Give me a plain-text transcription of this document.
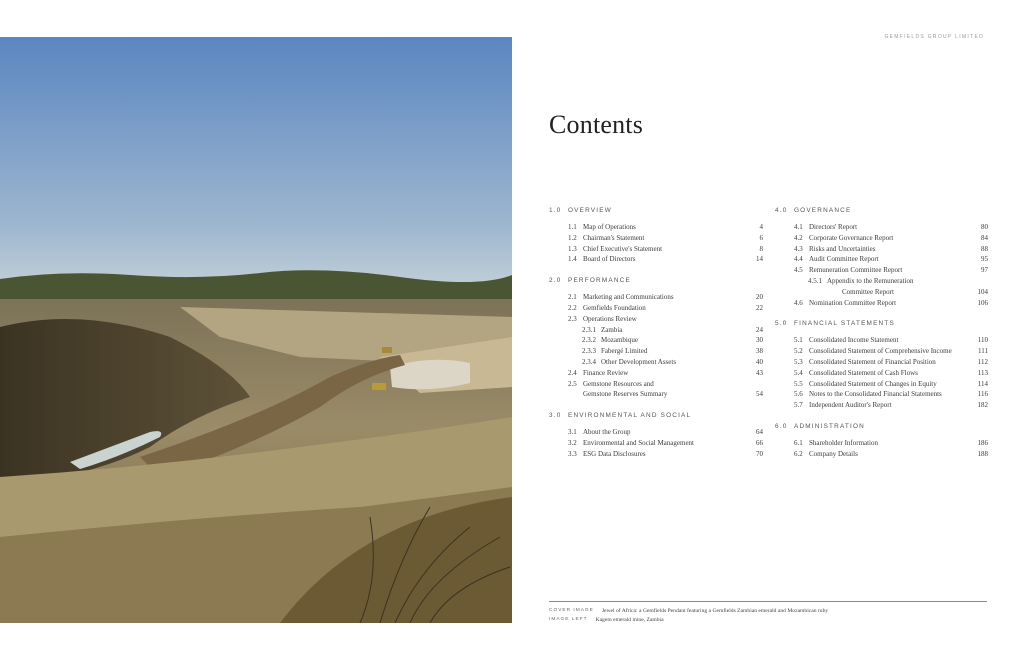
GEMFIELDS GROUP LIMITED
Contents
1.0 OVERVIEW
1.1 Map of Operations	4
1.2 Chairman's Statement	6
1.3 Chief Executive's Statement	8
1.4 Board of Directors	14
2.0 PERFORMANCE
2.1 Marketing and Communications	20
2.2 Gemfields Foundation	22
2.3 Operations Review
2.3.1 Zambia	24
2.3.2 Mozambique	30
2.3.3 Fabergé Limited	38
2.3.4 Other Development Assets	40
2.4 Finance Review	43
2.5 Gemstone Resources and
Gemstone Reserves Summary	54
3.0 ENVIRONMENTAL AND SOCIAL
3.1 About the Group	64
3.2 Environmental and Social Management	66
3.3 ESG Data Disclosures	70
4.0 GOVERNANCE
4.1 Directors' Report	80
4.2 Corporate Governance Report	84
4.3 Risks and Uncertainties	88
4.4 Audit Committee Report	95
4.5 Remuneration Committee Report	97
4.5.1 Appendix to the Remuneration
Committee Report	104
4.6 Nomination Committee Report	106
5.0 FINANCIAL STATEMENTS
5.1 Consolidated Income Statement	110
5.2 Consolidated Statement of Comprehensive Income	111
5.3 Consolidated Statement of Financial Position	112
5.4 Consolidated Statement of Cash Flows	113
5.5 Consolidated Statement of Changes in Equity	114
5.6 Notes to the Consolidated Financial Statements	116
5.7 Independent Auditor's Report	182
6.0 ADMINISTRATION
6.1 Shareholder Information	186
6.2 Company Details	188
COVER IMAGE Jewel of Africa: a Gemfields Pendant featuring a Gemfields Zambian emerald and Mozambican ruby
IMAGE LEFT Kagem emerald mine, Zambia
